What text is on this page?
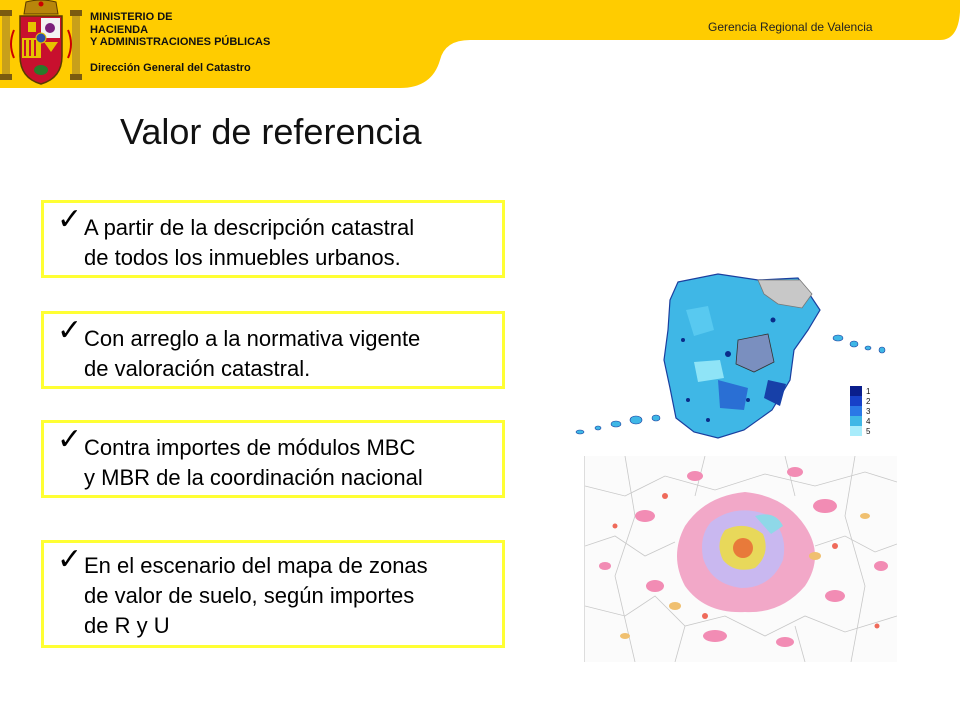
MINISTERIO DE
HACIENDA
Y ADMINISTRACIONES PÚBLICAS
Dirección General del Catastro
Gerencia Regional de Valencia
Valor de referencia
✓ A partir de la descripción catastral
de todos los inmuebles urbanos.
✓ Con arreglo a la normativa vigente
de valoración catastral.
✓ Contra importes de módulos MBC
y MBR de la coordinación nacional
✓ En el escenario del mapa de zonas
de valor de suelo, según importes
de R y U
1
2
3
4
5
